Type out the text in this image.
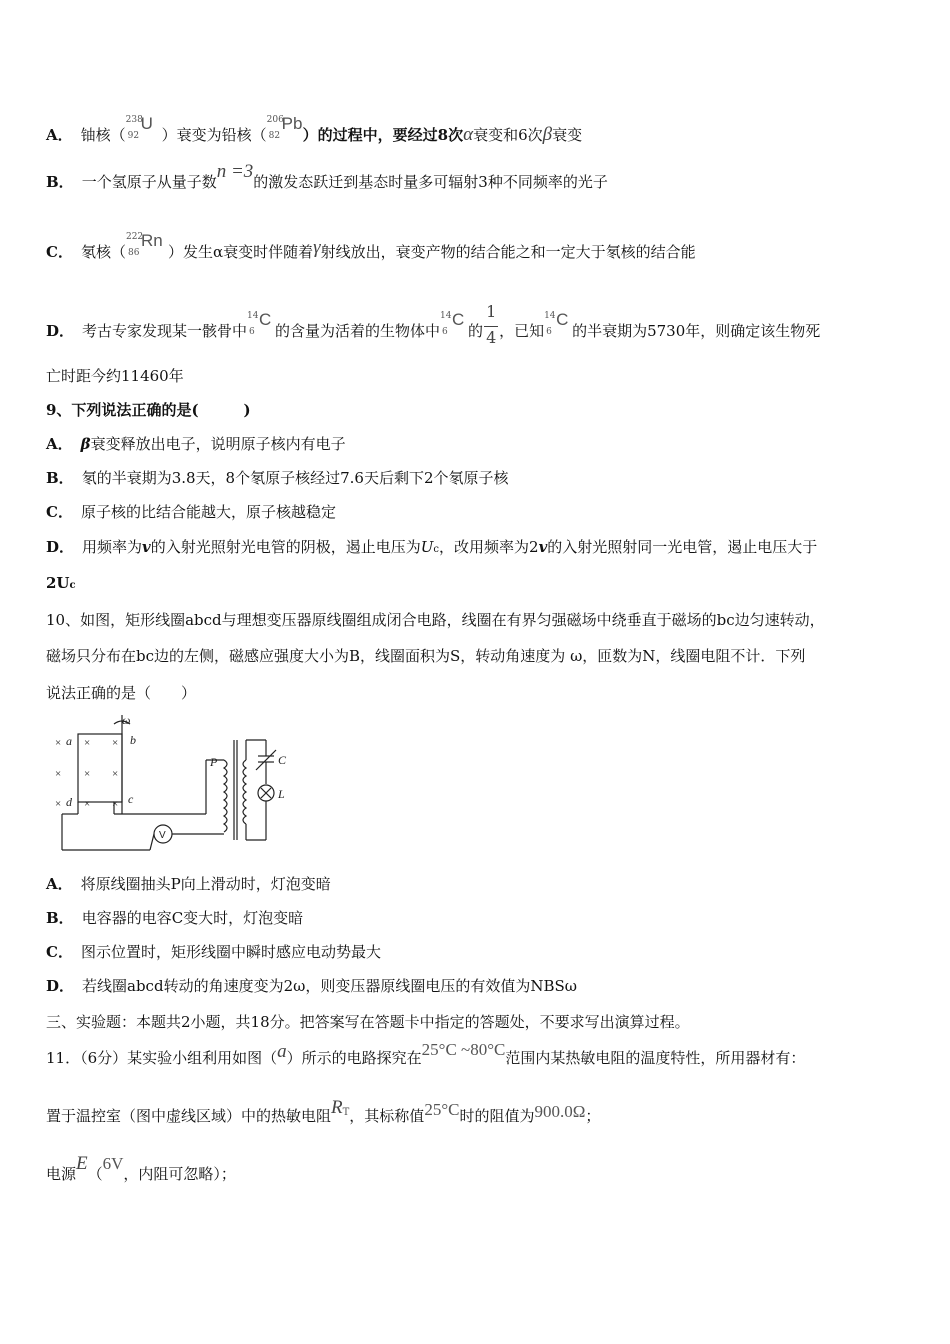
A． 铀核（
238
92
U
）衰变为铅核（
206
82
Pb
）的过程中，要经过8次α衰变和6次β衰变
B． 一个氢原子从量子数n =3的激发态跃迁到基态时量多可辐射3种不同频率的光子
C． 氡核（
222
86
Rn
）发生α衰变时伴随着γ射线放出，衰变产物的结合能之和一定大于氡核的结合能
D． 考古专家发现某一骸骨中
14
6
C
的含量为活着的生物体中
14
6
C
的 $\frac{1}{4}$ ，已知
14
6
C
的半衰期为5730年，则确定该生物死
亡时距今约11460年
9、下列说法正确的是(　　　)
A． β衰变释放出电子，说明原子核内有电子
B． 氡的半衰期为3.8天，8个氡原子核经过7.6天后剩下2个氡原子核
C． 原子核的比结合能越大，原子核越稳定
D． 用频率为v的入射光照射光电管的阴极，遏止电压为Uc，改用频率为2v的入射光照射同一光电管，遏止电压大于
2Uc
10、如图，矩形线圈abcd与理想变压器原线圈组成闭合电路，线圈在有界匀强磁场中绕垂直于磁场的bc边匀速转动，
磁场只分布在bc边的左侧，磁感应强度大小为B，线圈面积为S，转动角速度为 ω，匝数为N，线圈电阻不计．下列
说法正确的是（　　）
× × ×
× × ×
× × ×
a	b
c
d
ω
P	C
L
V
A． 将原线圈抽头P向上滑动时，灯泡变暗
B． 电容器的电容C变大时，灯泡变暗
C． 图示位置时，矩形线圈中瞬时感应电动势最大
D． 若线圈abcd转动的角速度变为2ω，则变压器原线圈电压的有效值为NBSω
三、实验题：本题共2小题，共18分。把答案写在答题卡中指定的答题处，不要求写出演算过程。
11．（6分）某实验小组利用如图（a）所示的电路探究在25°C ~80°C范围内某热敏电阻的温度特性，所用器材有：
置于温控室（图中虚线区域）中的热敏电阻$R^T$，其标称值25°C时的阻值为900.0Ω；
电源E（6V，内阻可忽略）；
